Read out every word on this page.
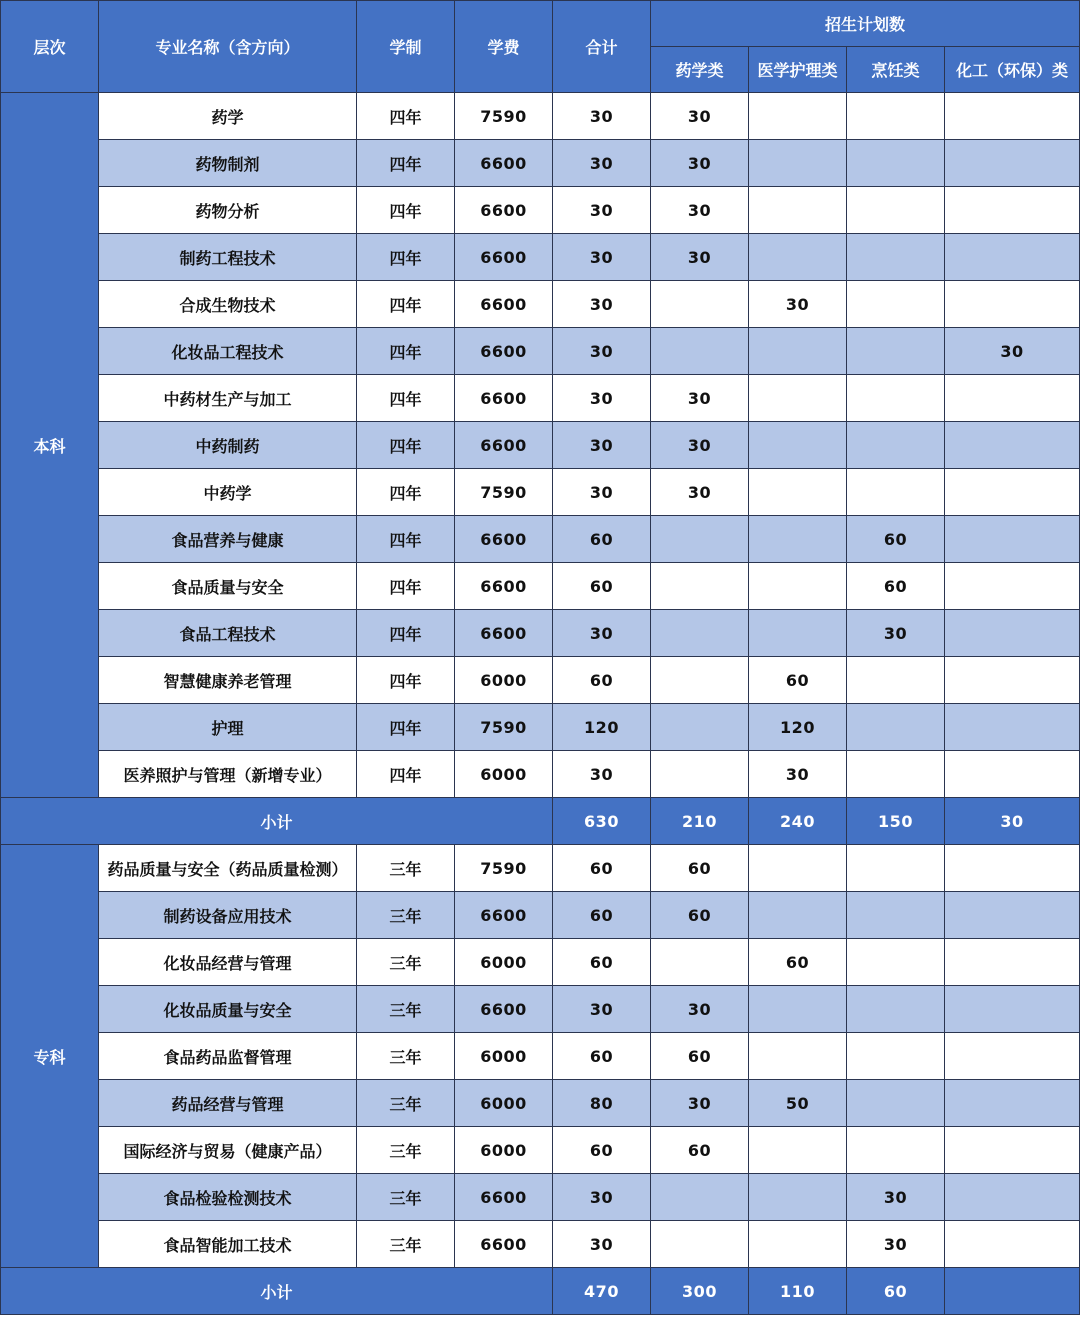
层次	专业名称（含方向）	学制	学费	合计	招生计划数			
					药学类	医学护理类	烹饪类	化工（环保）类
本科	药学	四年	7590	30	30			
	药物制剂	四年	6600	30	30			
	药物分析	四年	6600	30	30			
	制药工程技术	四年	6600	30	30			
	合成生物技术	四年	6600	30		30		
	化妆品工程技术	四年	6600	30				30
	中药材生产与加工	四年	6600	30	30			
	中药制药	四年	6600	30	30			
	中药学	四年	7590	30	30			
	食品营养与健康	四年	6600	60			60	
	食品质量与安全	四年	6600	60			60	
	食品工程技术	四年	6600	30			30	
	智慧健康养老管理	四年	6000	60		60		
	护理	四年	7590	120		120		
	医养照护与管理（新增专业）	四年	6000	30		30		
小计				630	210	240	150	30
专科	药品质量与安全（药品质量检测）	三年	7590	60	60			
	制药设备应用技术	三年	6600	60	60			
	化妆品经营与管理	三年	6000	60		60		
	化妆品质量与安全	三年	6600	30	30			
	食品药品监督管理	三年	6000	60	60			
	药品经营与管理	三年	6000	80	30	50		
	国际经济与贸易（健康产品）	三年	6000	60	60			
	食品检验检测技术	三年	6600	30			30	
	食品智能加工技术	三年	6600	30			30	
小计				470	300	110	60	
